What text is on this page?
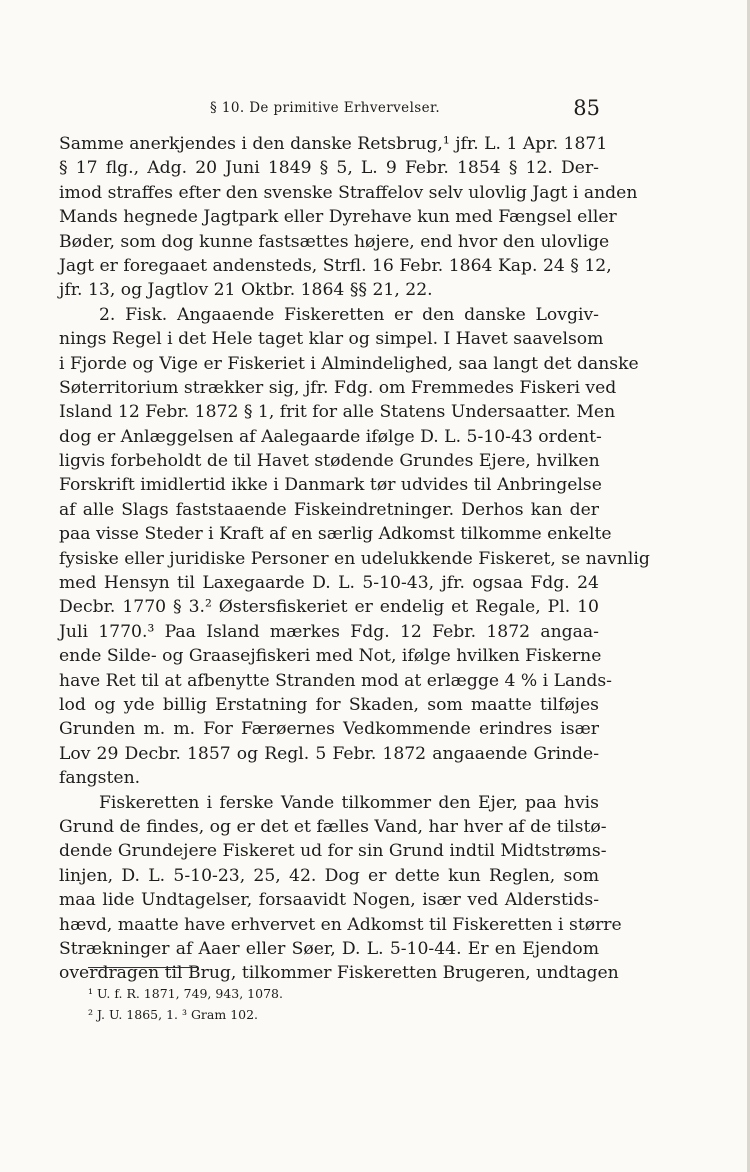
§ 10. De primitive Erhvervelser.	85
Samme anerkjendes i den danske Retsbrug,¹ jfr. L. 1 Apr. 1871
§ 17 flg., Adg. 20 Juni 1849 § 5, L. 9 Febr. 1854 § 12. Der-
imod straffes efter den svenske Straffelov selv ulovlig Jagt i anden
Mands hegnede Jagtpark eller Dyrehave kun med Fængsel eller
Bøder, som dog kunne fastsættes højere, end hvor den ulovlige
Jagt er foregaaet andensteds, Strfl. 16 Febr. 1864 Kap. 24 § 12,
jfr. 13, og Jagtlov 21 Oktbr. 1864 §§ 21, 22.
2. Fisk. Angaaende Fiskeretten er den danske Lovgiv-
nings Regel i det Hele taget klar og simpel. I Havet saavelsom
i Fjorde og Vige er Fiskeriet i Almindelighed, saa langt det danske
Søterritorium strækker sig, jfr. Fdg. om Fremmedes Fiskeri ved
Island 12 Febr. 1872 § 1, frit for alle Statens Undersaatter. Men
dog er Anlæggelsen af Aalegaarde ifølge D. L. 5-10-43 ordent-
ligvis forbeholdt de til Havet stødende Grundes Ejere, hvilken
Forskrift imidlertid ikke i Danmark tør udvides til Anbringelse
af alle Slags faststaaende Fiskeindretninger. Derhos kan der
paa visse Steder i Kraft af en særlig Adkomst tilkomme enkelte
fysiske eller juridiske Personer en udelukkende Fiskeret, se navnlig
med Hensyn til Laxegaarde D. L. 5-10-43, jfr. ogsaa Fdg. 24
Decbr. 1770 § 3.² Østersfiskeriet er endelig et Regale, Pl. 10
Juli 1770.³ Paa Island mærkes Fdg. 12 Febr. 1872 angaa-
ende Silde- og Graasejfiskeri med Not, ifølge hvilken Fiskerne
have Ret til at afbenytte Stranden mod at erlægge 4 % i Lands-
lod og yde billig Erstatning for Skaden, som maatte tilføjes
Grunden m. m. For Færøernes Vedkommende erindres især
Lov 29 Decbr. 1857 og Regl. 5 Febr. 1872 angaaende Grinde-
fangsten.
Fiskeretten i ferske Vande tilkommer den Ejer, paa hvis
Grund de findes, og er det et fælles Vand, har hver af de tilstø-
dende Grundejere Fiskeret ud for sin Grund indtil Midtstrøms-
linjen, D. L. 5-10-23, 25, 42. Dog er dette kun Reglen, som
maa lide Undtagelser, forsaavidt Nogen, især ved Alderstids-
hævd, maatte have erhvervet en Adkomst til Fiskeretten i større
Strækninger af Aaer eller Søer, D. L. 5-10-44. Er en Ejendom
overdragen til Brug, tilkommer Fiskeretten Brugeren, undtagen
¹ U. f. R. 1871, 749, 943, 1078.
² J. U. 1865, 1. ³ Gram 102.
